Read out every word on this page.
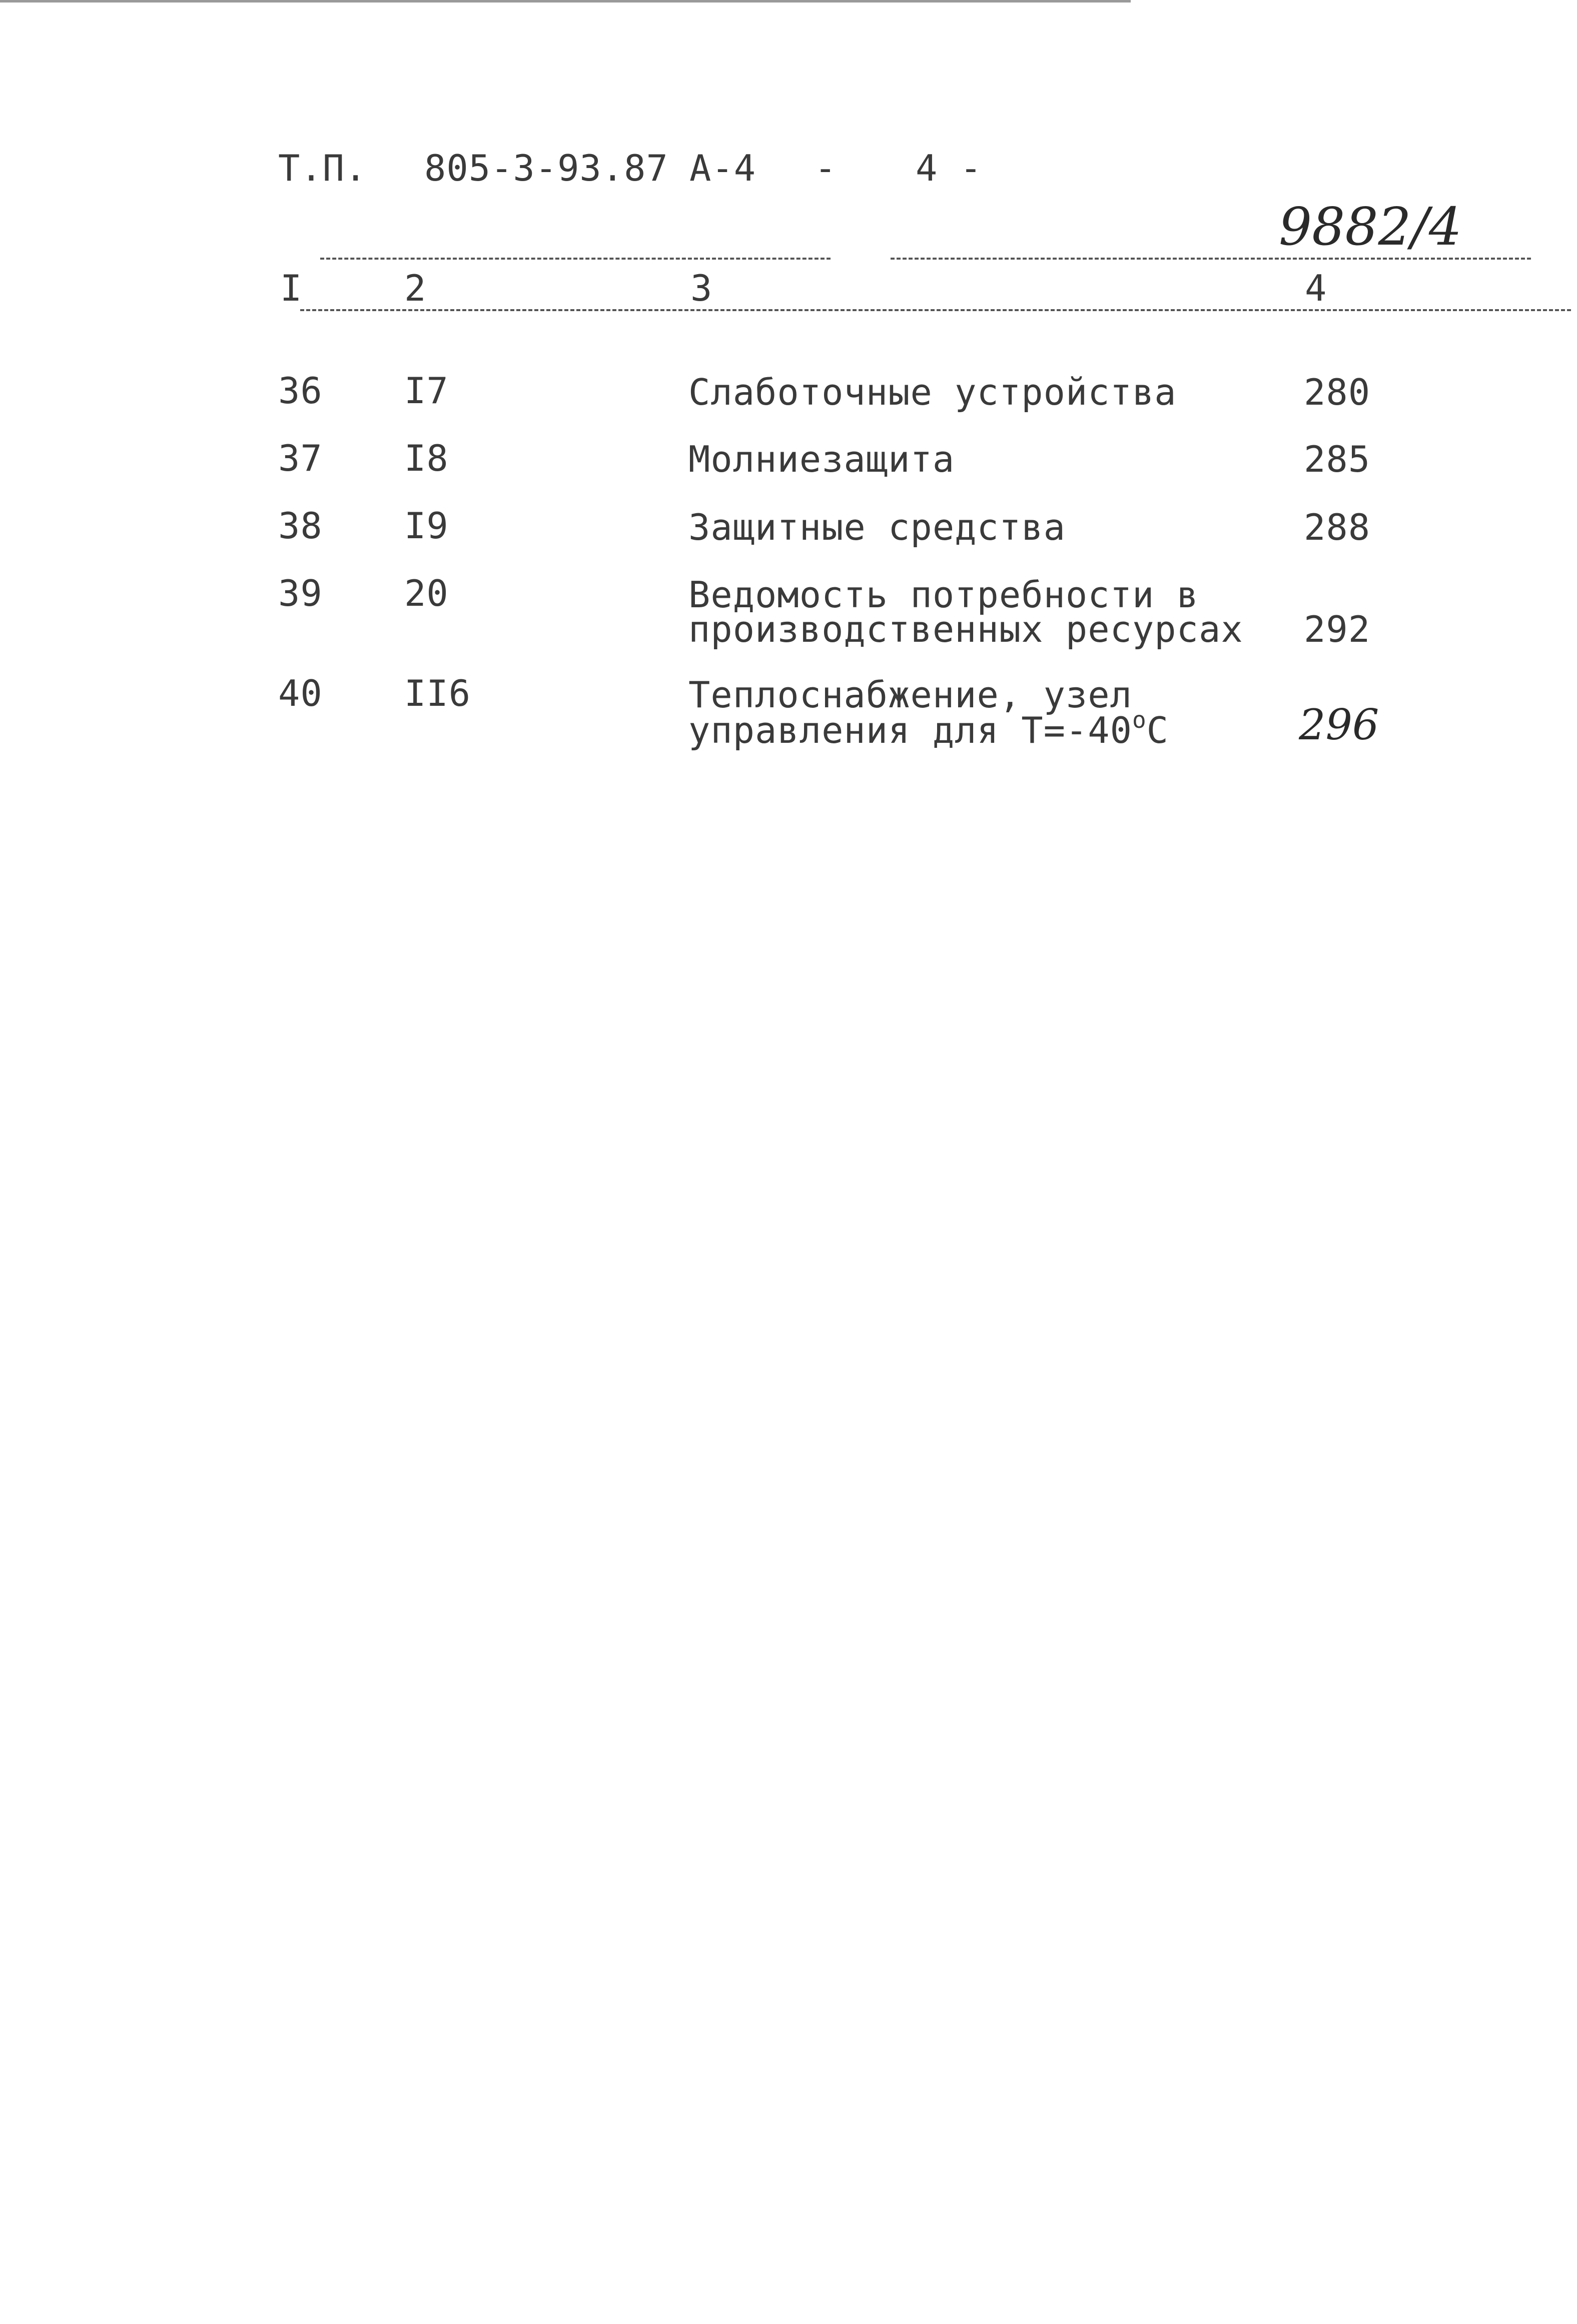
Т.П. 805-3-93.87 А-4 - 4 -
9882/4
I	2	3	4
36 I7	Слаботочные устройства	280
37 I8	Молниезащита	285
38 I9	Защитные средства	288
39 20	Ведомость потребности в
производственных ресурсах 292
40 II6	Теплоснабжение, узел
управления для $Т=-40^оС$	296
